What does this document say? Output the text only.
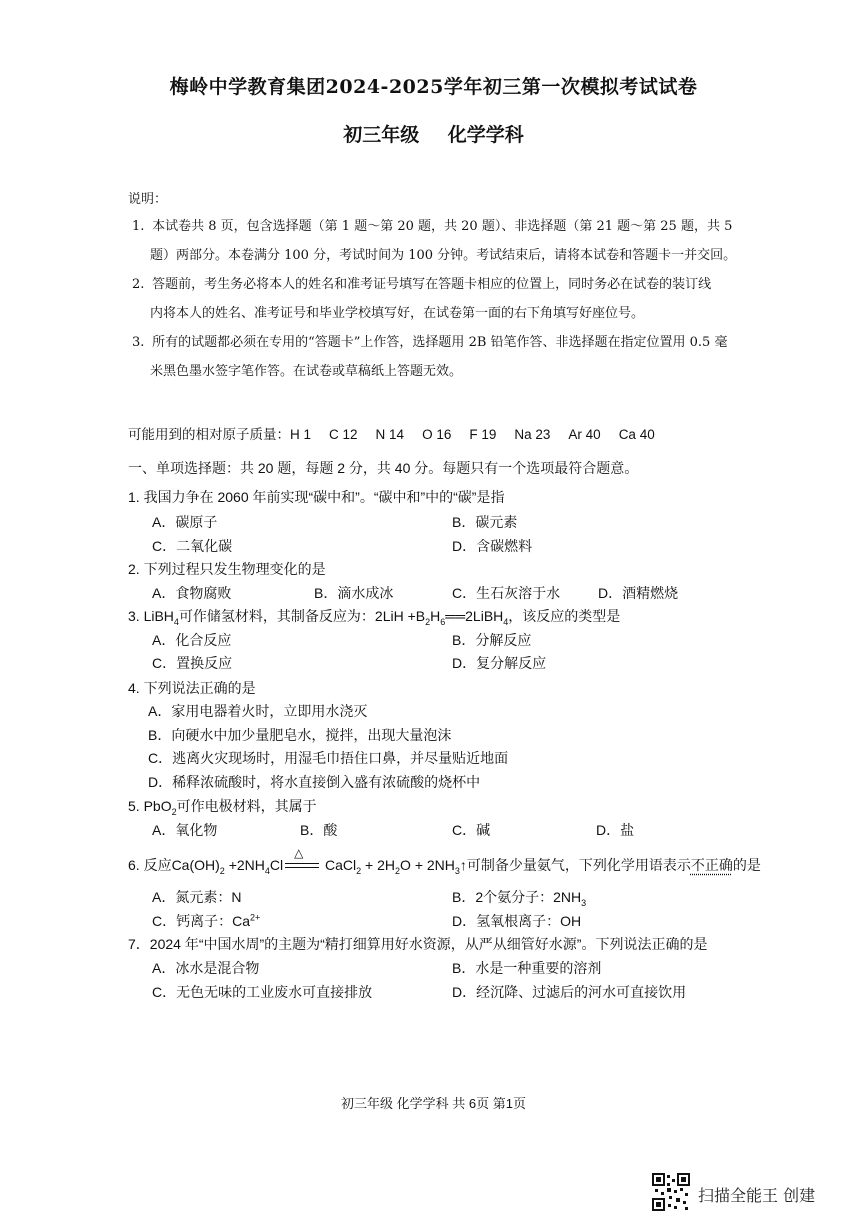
梅岭中学教育集团2024-2025学年初三第一次模拟考试试卷
初三年级 化学学科
说明：
1. 本试卷共 8 页，包含选择题（第 1 题～第 20 题，共 20 题）、非选择题（第 21 题～第 25 题，共 5
题）两部分。本卷满分 100 分，考试时间为 100 分钟。考试结束后，请将本试卷和答题卡一并交回。
2. 答题前，考生务必将本人的姓名和准考证号填写在答题卡相应的位置上，同时务必在试卷的装订线
内将本人的姓名、准考证号和毕业学校填写好，在试卷第一面的右下角填写好座位号。
3. 所有的试题都必须在专用的“答题卡”上作答，选择题用 2B 铅笔作答、非选择题在指定位置用 0.5 毫
米黑色墨水签字笔作答。在试卷或草稿纸上答题无效。
可能用到的相对原子质量：H 1 C 12 N 14 O 16 F 19 Na 23 Ar 40 Ca 40
一、单项选择题：共 20 题，每题 2 分，共 40 分。每题只有一个选项最符合题意。
1. 我国力争在 2060 年前实现“碳中和”。“碳中和”中的“碳”是指
A．碳原子	B．碳元素
C．二氧化碳	D．含碳燃料
2. 下列过程只发生物理变化的是
A．食物腐败	B．滴水成冰	C．生石灰溶于水	D．酒精燃烧
3. LiBH$_4$可作储氢材料，其制备反应为：$2LiH +B_2H_6══2LiBH_4$，该反应的类型是
A．化合反应	B．分解反应
C．置换反应	D．复分解反应
4. 下列说法正确的是
A．家用电器着火时，立即用水浇灭
B．向硬水中加少量肥皂水，搅拌，出现大量泡沫
C．逃离火灾现场时，用湿毛巾捂住口鼻，并尽量贴近地面
D．稀释浓硫酸时，将水直接倒入盛有浓硫酸的烧杯中
5. PbO$_2$可作电极材料，其属于
A．氧化物	B．酸	C．碱	D．盐
6. 反应$Ca(OH)_2 +2NH_4Cl$
△
CaCl$_2$ + $2H_2O$ + $2NH_3↑$可制备少量氨气，下列化学用语表示不正确的是
A．氮元素：N	B．2个氨分子：$2NH_3$
C．钙离子：$Ca^{2+}$	D．氢氧根离子：OH
7．2024 年“中国水周”的主题为“精打细算用好水资源，从严从细管好水源”。下列说法正确的是
A．冰水是混合物	B．水是一种重要的溶剂
C．无色无味的工业废水可直接排放	D．经沉降、过滤后的河水可直接饮用
初三年级 化学学科 共 6页 第1页
扫描全能王 创建
